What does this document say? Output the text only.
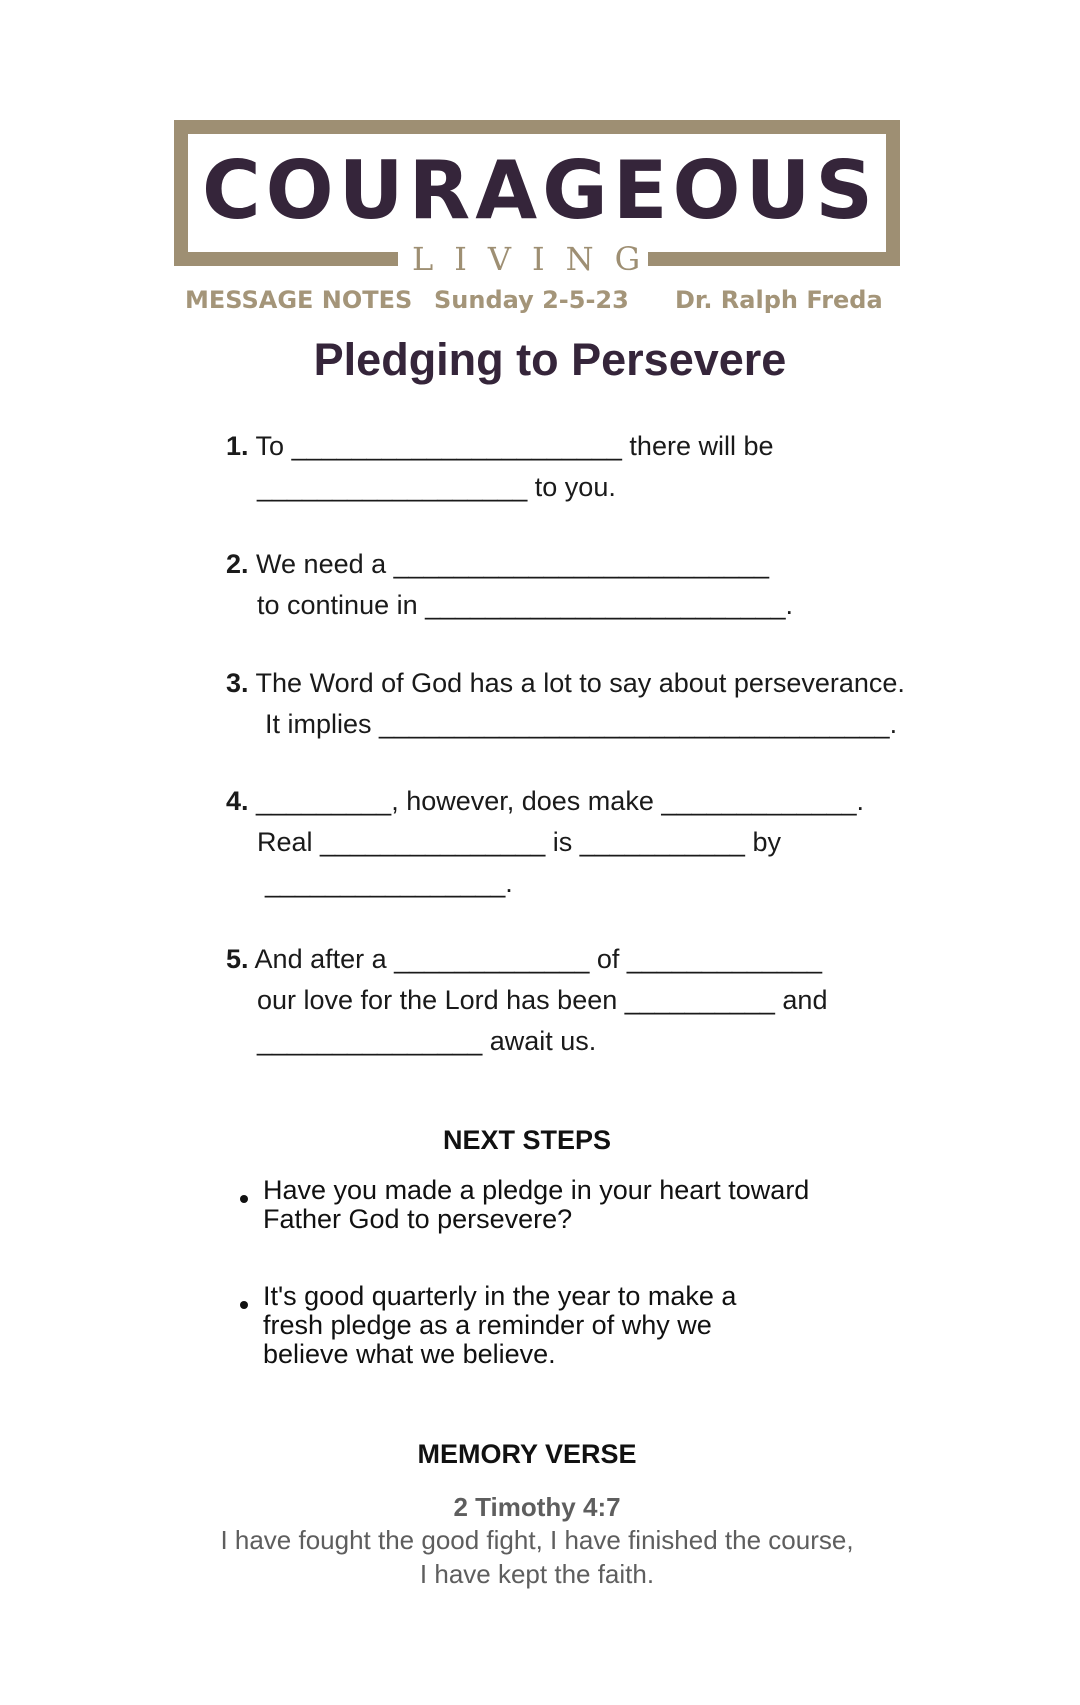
COURAGEOUS
LIVING
MESSAGE NOTES Sunday 2-5-23 Dr. Ralph Freda
Pledging to Persevere
1. To ______________________ there will be
__________________ to you.
2. We need a _________________________
to continue in ________________________.
3. The Word of God has a lot to say about perseverance.
It implies __________________________________.
4. _________, however, does make _____________.
Real _______________ is ___________ by
________________.
5. And after a _____________ of _____________
our love for the Lord has been __________ and
_______________ await us.
NEXT STEPS
Have you made a pledge in your heart toward
Father God to persevere?
It's good quarterly in the year to make a
fresh pledge as a reminder of why we
believe what we believe.
MEMORY VERSE
2 Timothy 4:7
I have fought the good fight, I have finished the course,
I have kept the faith.
